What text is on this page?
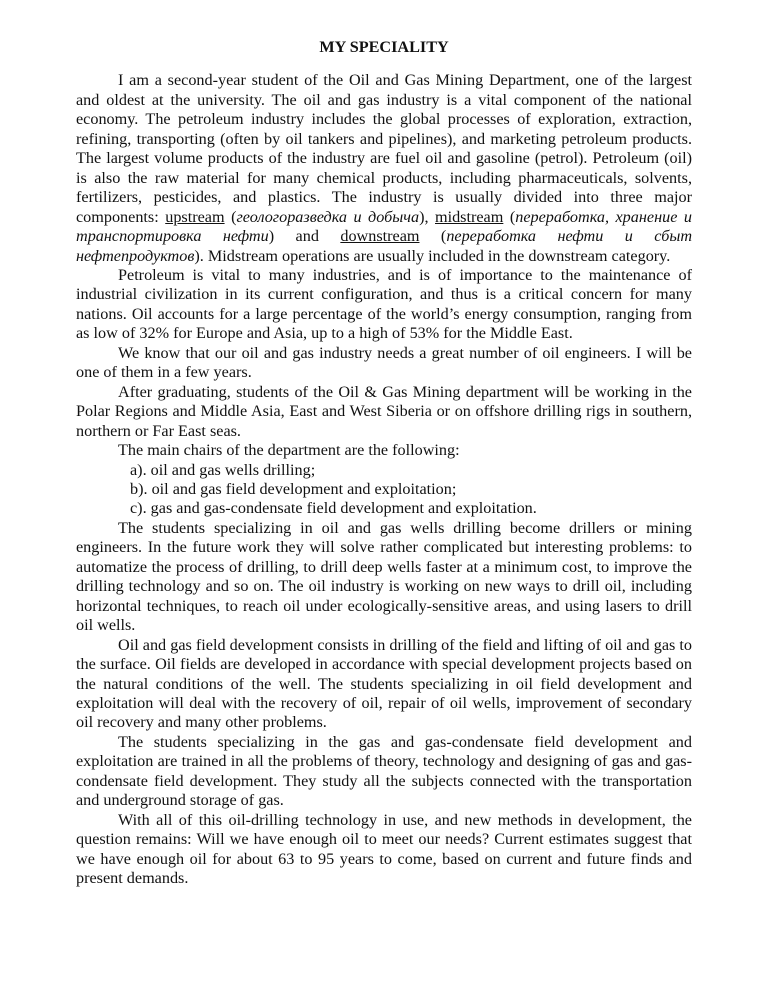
MY SPECIALITY

I am a second-year student of the Oil and Gas Mining Department, one of the largest and oldest at the university. The oil and gas industry is a vital component of the national economy. The petroleum industry includes the global processes of exploration, extraction, refining, transporting (often by oil tankers and pipelines), and marketing petroleum products. The largest volume products of the industry are fuel oil and gasoline (petrol). Petroleum (oil) is also the raw material for many chemical products, including pharmaceuticals, solvents, fertilizers, pesticides, and plastics. The industry is usually divided into three major components: upstream (геологоразведка и добыча), midstream (переработка, хранение и транспортировка нефти) and downstream (переработка нефти и сбыт нефтепродуктов). Midstream operations are usually included in the downstream category.

Petroleum is vital to many industries, and is of importance to the maintenance of industrial civilization in its current configuration, and thus is a critical concern for many nations. Oil accounts for a large percentage of the world’s energy consumption, ranging from as low of 32% for Europe and Asia, up to a high of 53% for the Middle East.

We know that our oil and gas industry needs a great number of oil engineers. I will be one of them in a few years.

After graduating, students of the Oil & Gas Mining department will be working in the Polar Regions and Middle Asia, East and West Siberia or on offshore drilling rigs in southern, northern or Far East seas.

The main chairs of the department are the following:

a). oil and gas wells drilling;
b). oil and gas field development and exploitation;
c). gas and gas-condensate field development and exploitation.

The students specializing in oil and gas wells drilling become drillers or mining engineers. In the future work they will solve rather complicated but interesting problems: to automatize the process of drilling, to drill deep wells faster at a minimum cost, to improve the drilling technology and so on. The oil industry is working on new ways to drill oil, including horizontal techniques, to reach oil under ecologically-sensitive areas, and using lasers to drill oil wells.

Oil and gas field development consists in drilling of the field and lifting of oil and gas to the surface. Oil fields are developed in accordance with special development projects based on the natural conditions of the well. The students specializing in oil field development and exploitation will deal with the recovery of oil, repair of oil wells, improvement of secondary oil recovery and many other problems.

The students specializing in the gas and gas-condensate field development and exploitation are trained in all the problems of theory, technology and designing of gas and gas-condensate field development. They study all the subjects connected with the transportation and underground storage of gas.

With all of this oil-drilling technology in use, and new methods in development, the question remains: Will we have enough oil to meet our needs? Current estimates suggest that we have enough oil for about 63 to 95 years to come, based on current and future finds and present demands.
